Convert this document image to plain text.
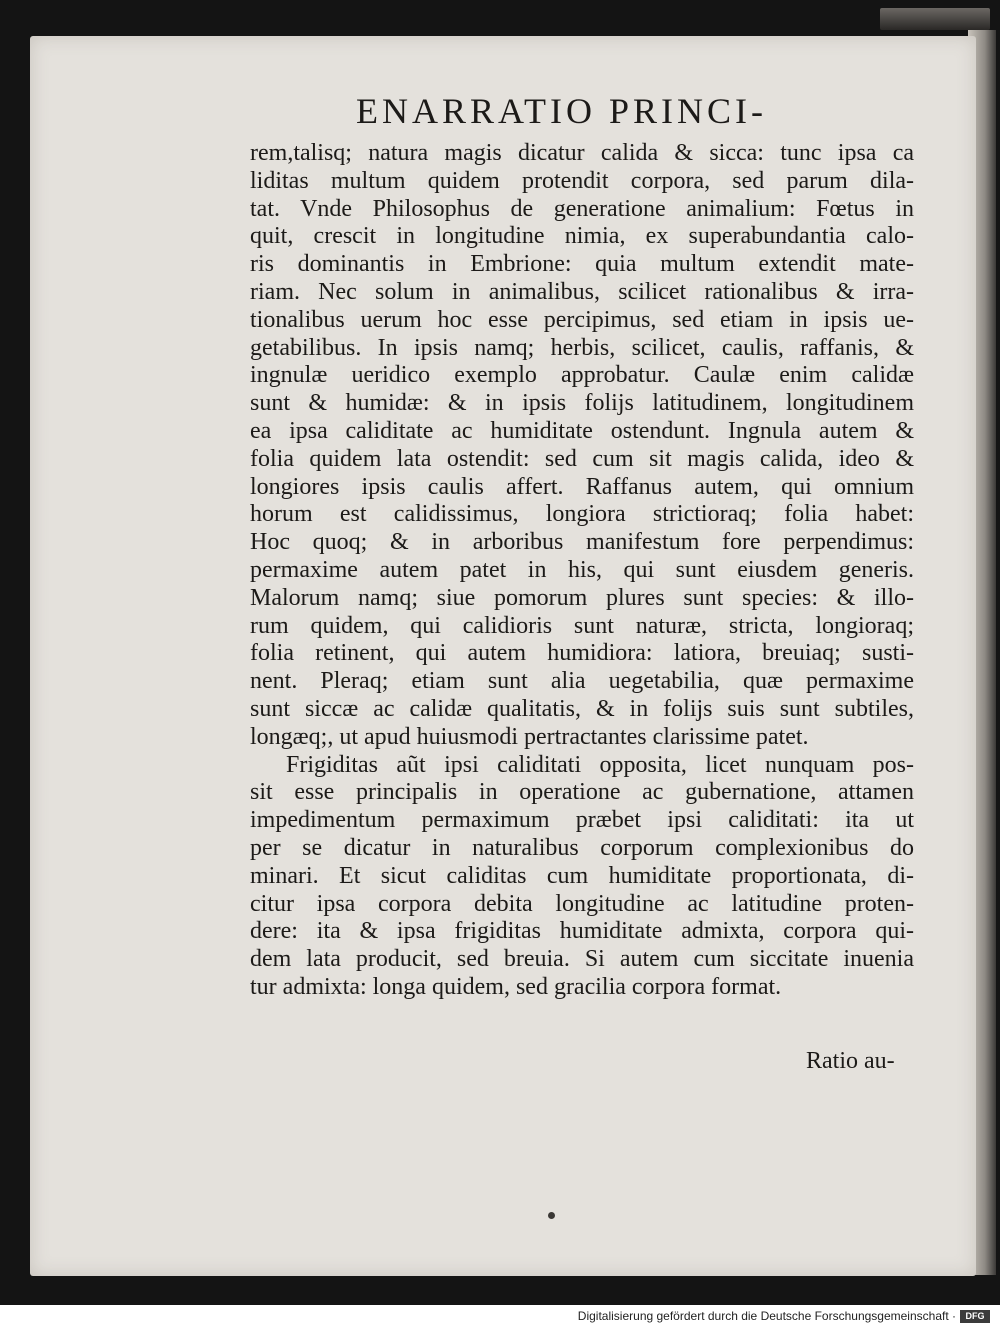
ENARRATIO PRINCI-
rem,talisq; natura magis dicatur calida & sicca: tunc ipsa ca
liditas multum quidem protendit corpora, sed parum dila-
tat. Vnde Philosophus de generatione animalium: Fœtus in
quit, crescit in longitudine nimia, ex superabundantia calo-
ris dominantis in Embrione: quia multum extendit mate-
riam. Nec solum in animalibus, scilicet rationalibus & irra-
tionalibus uerum hoc esse percipimus, sed etiam in ipsis ue-
getabilibus. In ipsis namq; herbis, scilicet, caulis, raffanis, &
ingnulæ ueridico exemplo approbatur. Caulæ enim calidæ
sunt & humidæ: & in ipsis folijs latitudinem, longitudinem
ea ipsa caliditate ac humiditate ostendunt. Ingnula autem &
folia quidem lata ostendit: sed cum sit magis calida, ideo &
longiores ipsis caulis affert. Raffanus autem, qui omnium
horum est calidissimus, longiora strictioraq; folia habet:
Hoc quoq; & in arboribus manifestum fore perpendimus:
permaxime autem patet in his, qui sunt eiusdem generis.
Malorum namq; siue pomorum plures sunt species: & illo-
rum quidem, qui calidioris sunt naturæ, stricta, longioraq;
folia retinent, qui autem humidiora: latiora, breuiaq; susti-
nent. Pleraq; etiam sunt alia uegetabilia, quæ permaxime
sunt siccæ ac calidæ qualitatis, & in folijs suis sunt subtiles,
longæq;, ut apud huiusmodi pertractantes clarissime patet.
Frigiditas aũt ipsi caliditati opposita, licet nunquam pos-
sit esse principalis in operatione ac gubernatione, attamen
impedimentum permaximum præbet ipsi caliditati: ita ut
per se dicatur in naturalibus corporum complexionibus do
minari. Et sicut caliditas cum humiditate proportionata, di-
citur ipsa corpora debita longitudine ac latitudine proten-
dere: ita & ipsa frigiditas humiditate admixta, corpora qui-
dem lata producit, sed breuia. Si autem cum siccitate inuenia
tur admixta: longa quidem, sed gracilia corpora format.
Ratio au-
Digitalisierung gefördert durch die Deutsche Forschungsgemeinschaft ·	DFG
